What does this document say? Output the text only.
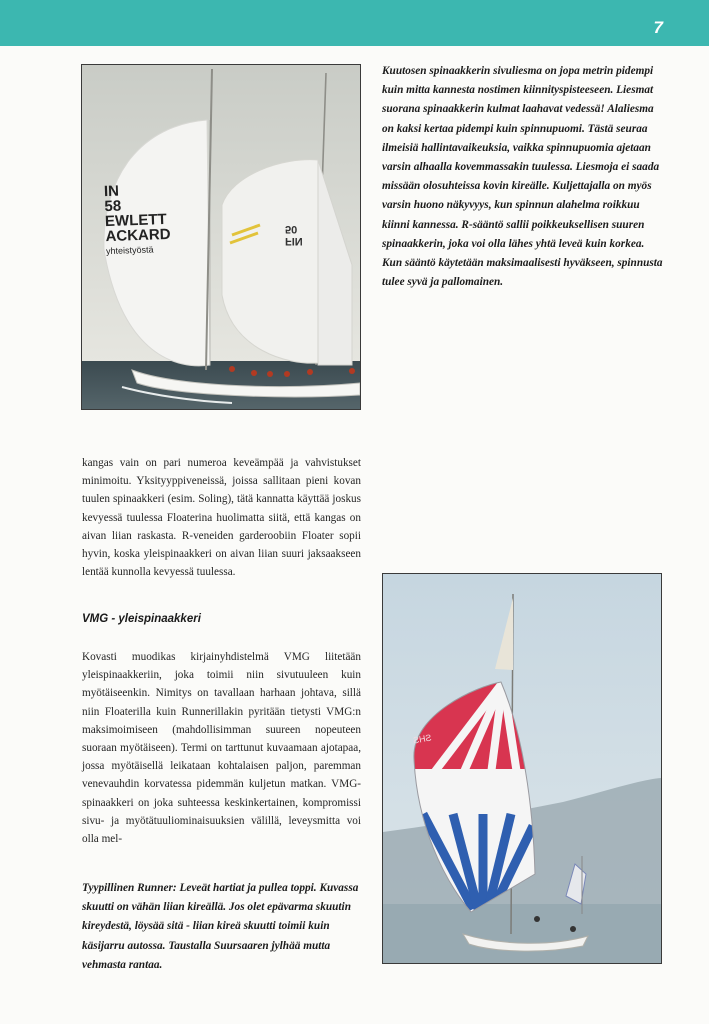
7
IN
58
EWLETT
ACKARD
yhteistyöstä
FIN
50

Kuutosen spinaakkerin sivuliesma on jopa metrin pidempi kuin mitta kannesta nostimen kiinnityspisteeseen. Liesmat suorana spinaakkerin kulmat laahavat vedessä! Alaliesma on kaksi kertaa pidempi kuin spinnupuomi. Tästä seuraa ilmeisiä hallintavaikeuksia, vaikka spinnupuomia ajetaan varsin alhaalla kovemmassakin tuulessa. Liesmoja ei saada missään olosuhteissa kovin kireälle. Kuljettajalla on myös varsin huono näkyvyys, kun spinnun alahelma roikkuu kiinni kannessa. R-sääntö sallii poikkeuksellisen suuren spinaakkerin, joka voi olla lähes yhtä leveä kuin korkea. Kun sääntö käytetään maksimaalisesti hyväkseen, spinnusta tulee syvä ja pallomainen.

kangas vain on pari numeroa keveämpää ja vahvistukset minimoitu. Yksityyppiveneissä, joissa sallitaan pieni kovan tuulen spinaakkeri (esim. Soling), tätä kannatta käyttää joskus kevyessä tuulessa Floaterina huolimatta siitä, että kangas on aivan liian raskasta. R-veneiden garderoobiin Floater sopii hyvin, koska yleispinaakkeri on aivan liian suuri jaksaakseen lentää kunnolla kevyessä tuulessa.

VMG - yleispinaakkeri

Kovasti muodikas kirjainyhdistelmä VMG liitetään yleispinaakkeriin, joka toimii niin sivutuuleen kuin myötäiseenkin. Nimitys on tavallaan harhaan johtava, sillä niin Floaterilla kuin Runnerillakin pyritään tietysti VMG:n maksimoimiseen (mahdollisimman suureen nopeuteen suoraan myötäiseen). Termi on tarttunut kuvaamaan ajotapaa, jossa myötäisellä leikataan kohtalaisen paljon, paremman venevauhdin korvatessa pidemmän kuljetun matkan. VMG-spinaakkeri on joka suhteessa keskinkertainen, kompromissi sivu- ja myötätuuliominaisuuksien välillä, leveysmitta voi olla mel-

SHS

Tyypillinen Runner: Leveät hartiat ja pullea toppi. Kuvassa skuutti on vähän liian kireällä. Jos olet epävarma skuutin kireydestä, löysää sitä - liian kireä skuutti toimii kuin käsijarru autossa. Taustalla Suursaaren jylhää mutta vehmasta rantaa.
